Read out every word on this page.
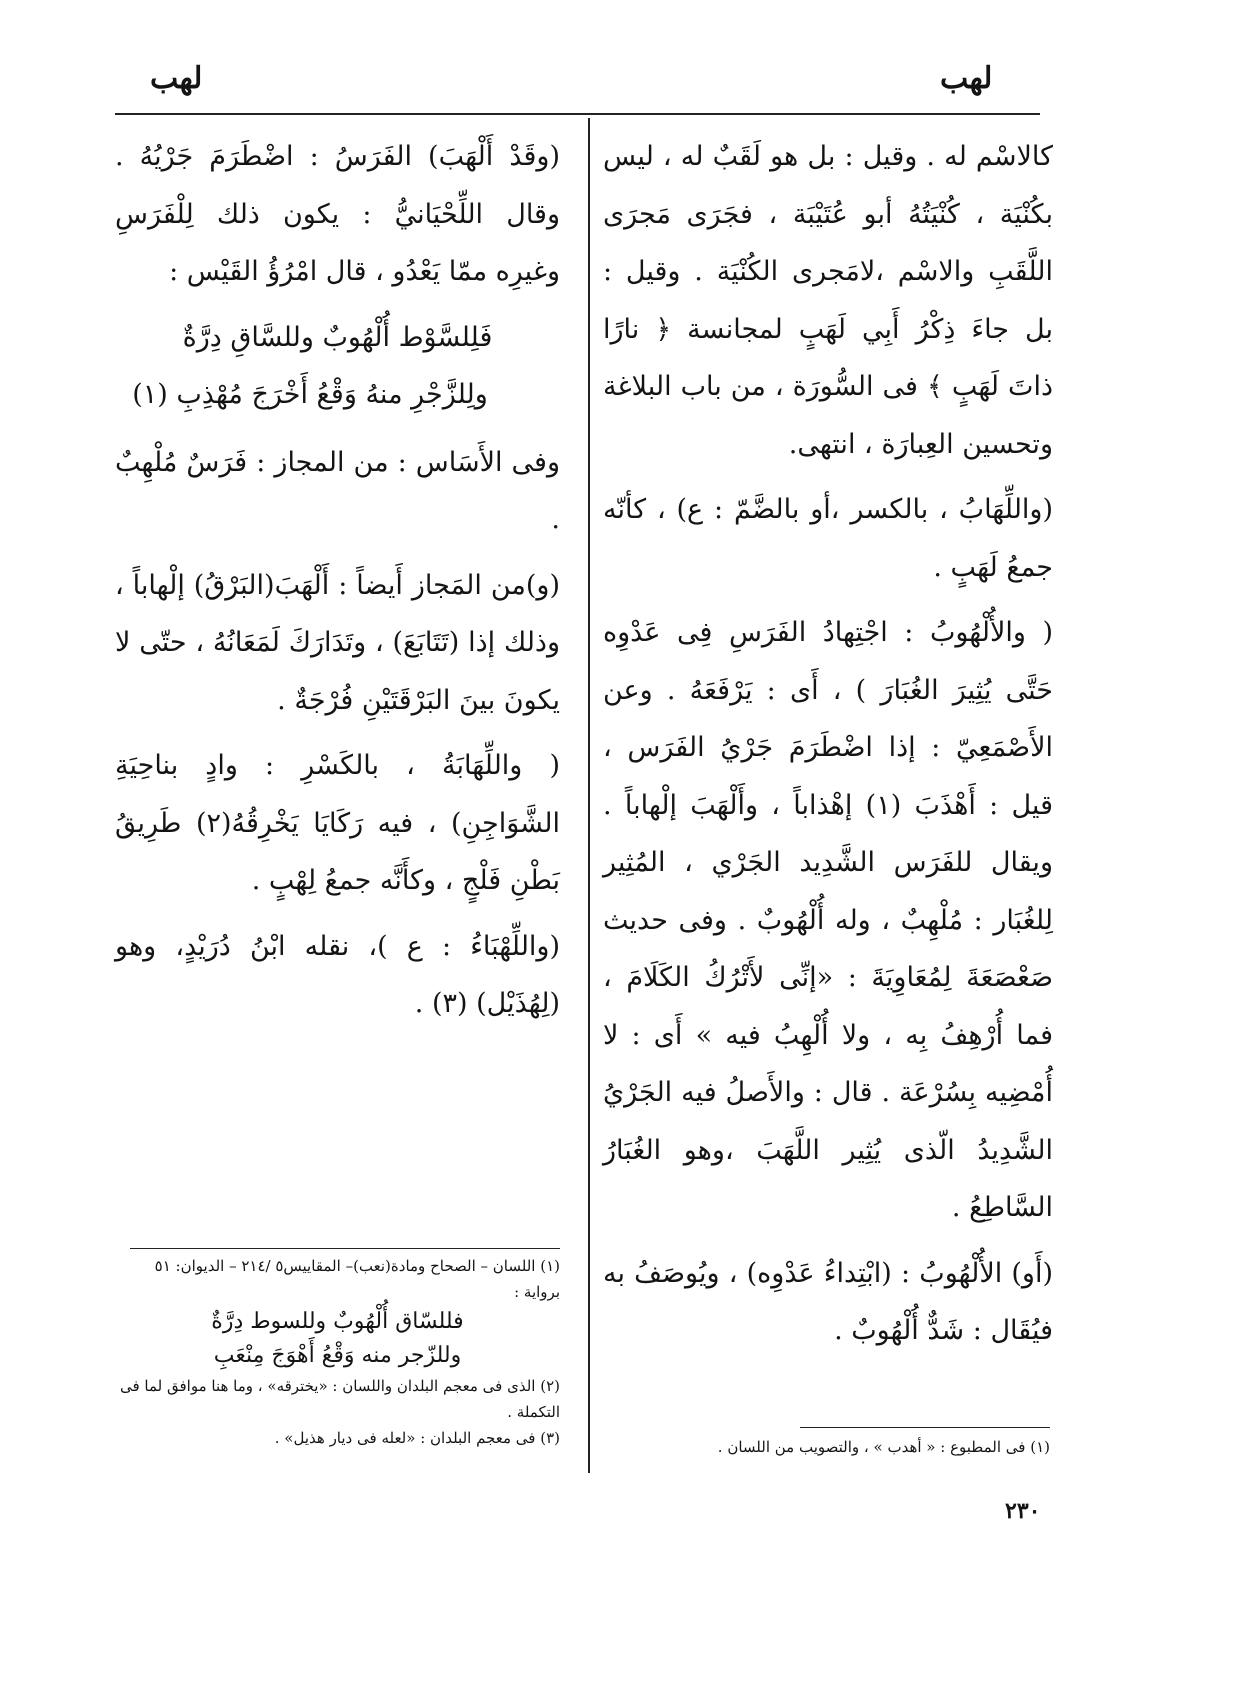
لهب
لهب

كالاسْم له . وقيل : بل هو لَقَبٌ له ، ليس بكُنْيَة ، كُنْيَتُهُ أبو عُتَيْبَة ، فجَرَى مَجرَى اللَّقَبِ والاسْم ،لامَجرى الكُنْيَة . وقيل : بل جاءَ ذِكْرُ أَبِي لَهَبٍ لمجانسة ﴿ نارًا ذاتَ لَهَبٍ ﴾ فى السُّورَة ، من باب البلاغة وتحسين العِبارَة ، انتهى.

(واللِّهَابُ ، بالكسر ،أو بالضَّمّ : ع) ، كأنّه جمعُ لَهَبٍ .

( والأُلْهُوبُ : اجْتِهادُ الفَرَسِ فِى عَدْوِه حَتَّى يُثِيرَ الغُبَارَ ) ، أَى : يَرْفَعَهُ . وعن الأَصْمَعِيّ : إذا اضْطَرَمَ جَرْيُ الفَرَس ، قيل : أَهْذَبَ (١) إهْذاباً ، وأَلْهَبَ إلْهاباً . ويقال للفَرَس الشَّدِيد الجَرْي ، المُثِير لِلغُبَار : مُلْهِبٌ ، وله أُلْهُوبٌ . وفى حديث صَعْصَعَةَ لِمُعَاوِيَةَ : «إنِّى لأَتْرُكُ الكَلَامَ ، فما أُرْهِفُ بِه ، ولا أُلْهِبُ فيه » أَى : لا أُمْضِيه بِسُرْعَة . قال : والأَصلُ فيه الجَرْيُ الشَّدِيدُ الّذى يُثِير اللَّهَبَ ،وهو الغُبَارُ السَّاطِعُ .

(أَو) الأُلْهُوبُ : (ابْتِداءُ عَدْوِه) ، ويُوصَفُ به فيُقَال : شَدٌّ أُلْهُوبٌ .

(وقَدْ أَلْهَبَ) الفَرَسُ : اضْطَرَمَ جَرْيُهُ . وقال اللِّحْيَانيُّ : يكون ذلك لِلْفَرَسِ وغيرِه ممّا يَعْدُو ، قال امْرُؤُ القَيْس :

فَلِلسَّوْط أُلْهُوبٌ وللسَّاقِ دِرَّةٌ

ولِلزَّجْرِ منهُ وَقْعُ أَخْرَجَ مُهْذِبِ (١)

وفى الأَسَاس : من المجاز : فَرَسٌ مُلْهِبٌ .

(و)من المَجاز أَيضاً : أَلْهَبَ(البَرْقُ) إلْهاباً ، وذلك إذا (تَتَابَعَ) ، وتَدَارَكَ لَمَعَانُهُ ، حتّى لا يكونَ بينَ البَرْقَتَيْنِ فُرْجَةٌ .

( واللِّهَابَةُ ، بالكَسْرِ : وادٍ بناحِيَةِ الشَّوَاجِنِ) ، فيه رَكَايَا يَخْرِقُهُ(٢) طَرِيقُ بَطْنِ فَلْجٍ ، وكأَنَّه جمعُ لِهْبٍ .

(واللِّهْبَاءُ : ع )، نقله ابْنُ دُرَيْدٍ، وهو (لِهُذَيْل) (٣) .

(١) فى المطبوع : « أهدب » ، والتصويب من اللسان .
(١) اللسان – الصحاح ومادة(نعب)– المقاييس٥ /٢١٤ – الديوان: ٥١ برواية :
فللسّاق أُلْهُوبٌ وللسوط دِرَّةٌ
وللزّجر منه وَقْعُ أَهْوَجَ مِنْعَبِ
(٢) الذى فى معجم البلدان واللسان : «يخترقه» ، وما هنا موافق لما فى التكملة .
(٣) فى معجم البلدان : «لعله فى ديار هذيل» .
٢٣٠
